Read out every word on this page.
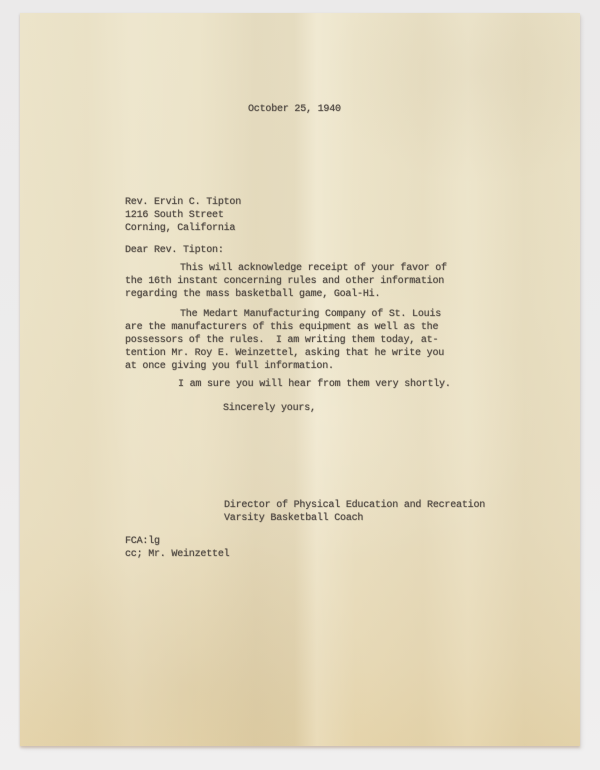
October 25, 1940
Rev. Ervin C. Tipton
1216 South Street
Corning, California
Dear Rev. Tipton:
This will acknowledge receipt of your favor of
the 16th instant concerning rules and other information
regarding the mass basketball game, Goal-Hi.
The Medart Manufacturing Company of St. Louis
are the manufacturers of this equipment as well as the
possessors of the rules.  I am writing them today, at-
tention Mr. Roy E. Weinzettel, asking that he write you
at once giving you full information.
I am sure you will hear from them very shortly.
Sincerely yours,
Director of Physical Education and Recreation
Varsity Basketball Coach
FCA:lg
cc; Mr. Weinzettel
